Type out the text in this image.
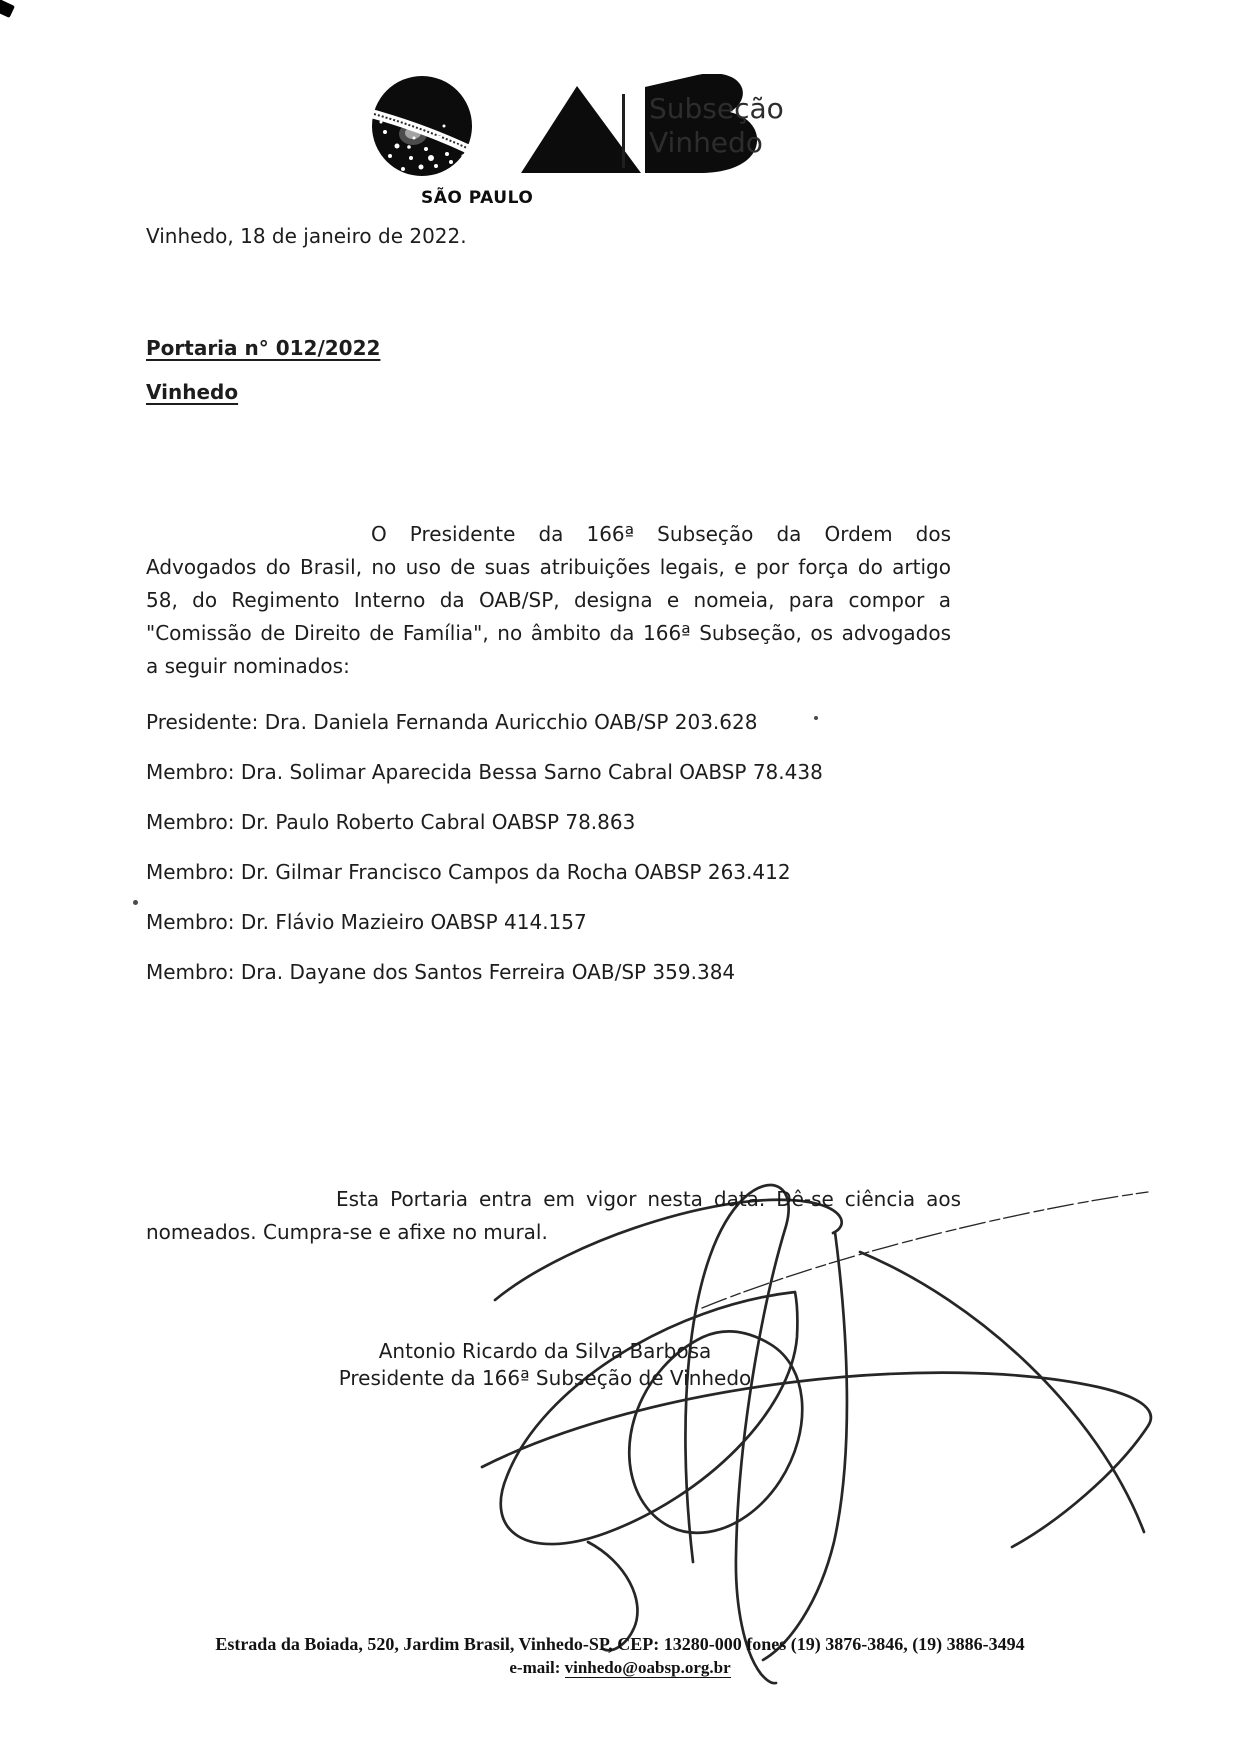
SÃO PAULO
Subseção
Vinhedo
Vinhedo, 18 de janeiro de 2022.
Portaria n° 012/2022
Vinhedo
O Presidente da 166ª Subseção da Ordem dos
Advogados do Brasil, no uso de suas atribuições legais, e por força do artigo
58, do Regimento Interno da OAB/SP, designa e nomeia, para compor a
"Comissão de Direito de Família", no âmbito da 166ª Subseção, os advogados
a seguir nominados:
Presidente: Dra. Daniela Fernanda Auricchio OAB/SP 203.628
Membro: Dra. Solimar Aparecida Bessa Sarno Cabral OABSP 78.438
Membro: Dr. Paulo Roberto Cabral OABSP 78.863
Membro: Dr. Gilmar Francisco Campos da Rocha OABSP 263.412
Membro: Dr. Flávio Mazieiro OABSP 414.157
Membro: Dra. Dayane dos Santos Ferreira OAB/SP 359.384
Esta Portaria entra em vigor nesta data. Dê-se ciência aos
nomeados. Cumpra-se e afixe no mural.
Antonio Ricardo da Silva Barbosa
Presidente da 166ª Subseção de Vinhedo
Estrada da Boiada, 520, Jardim Brasil, Vinhedo-SP, CEP: 13280-000 fones (19) 3876-3846, (19) 3886-3494
e-mail: vinhedo@oabsp.org.br
